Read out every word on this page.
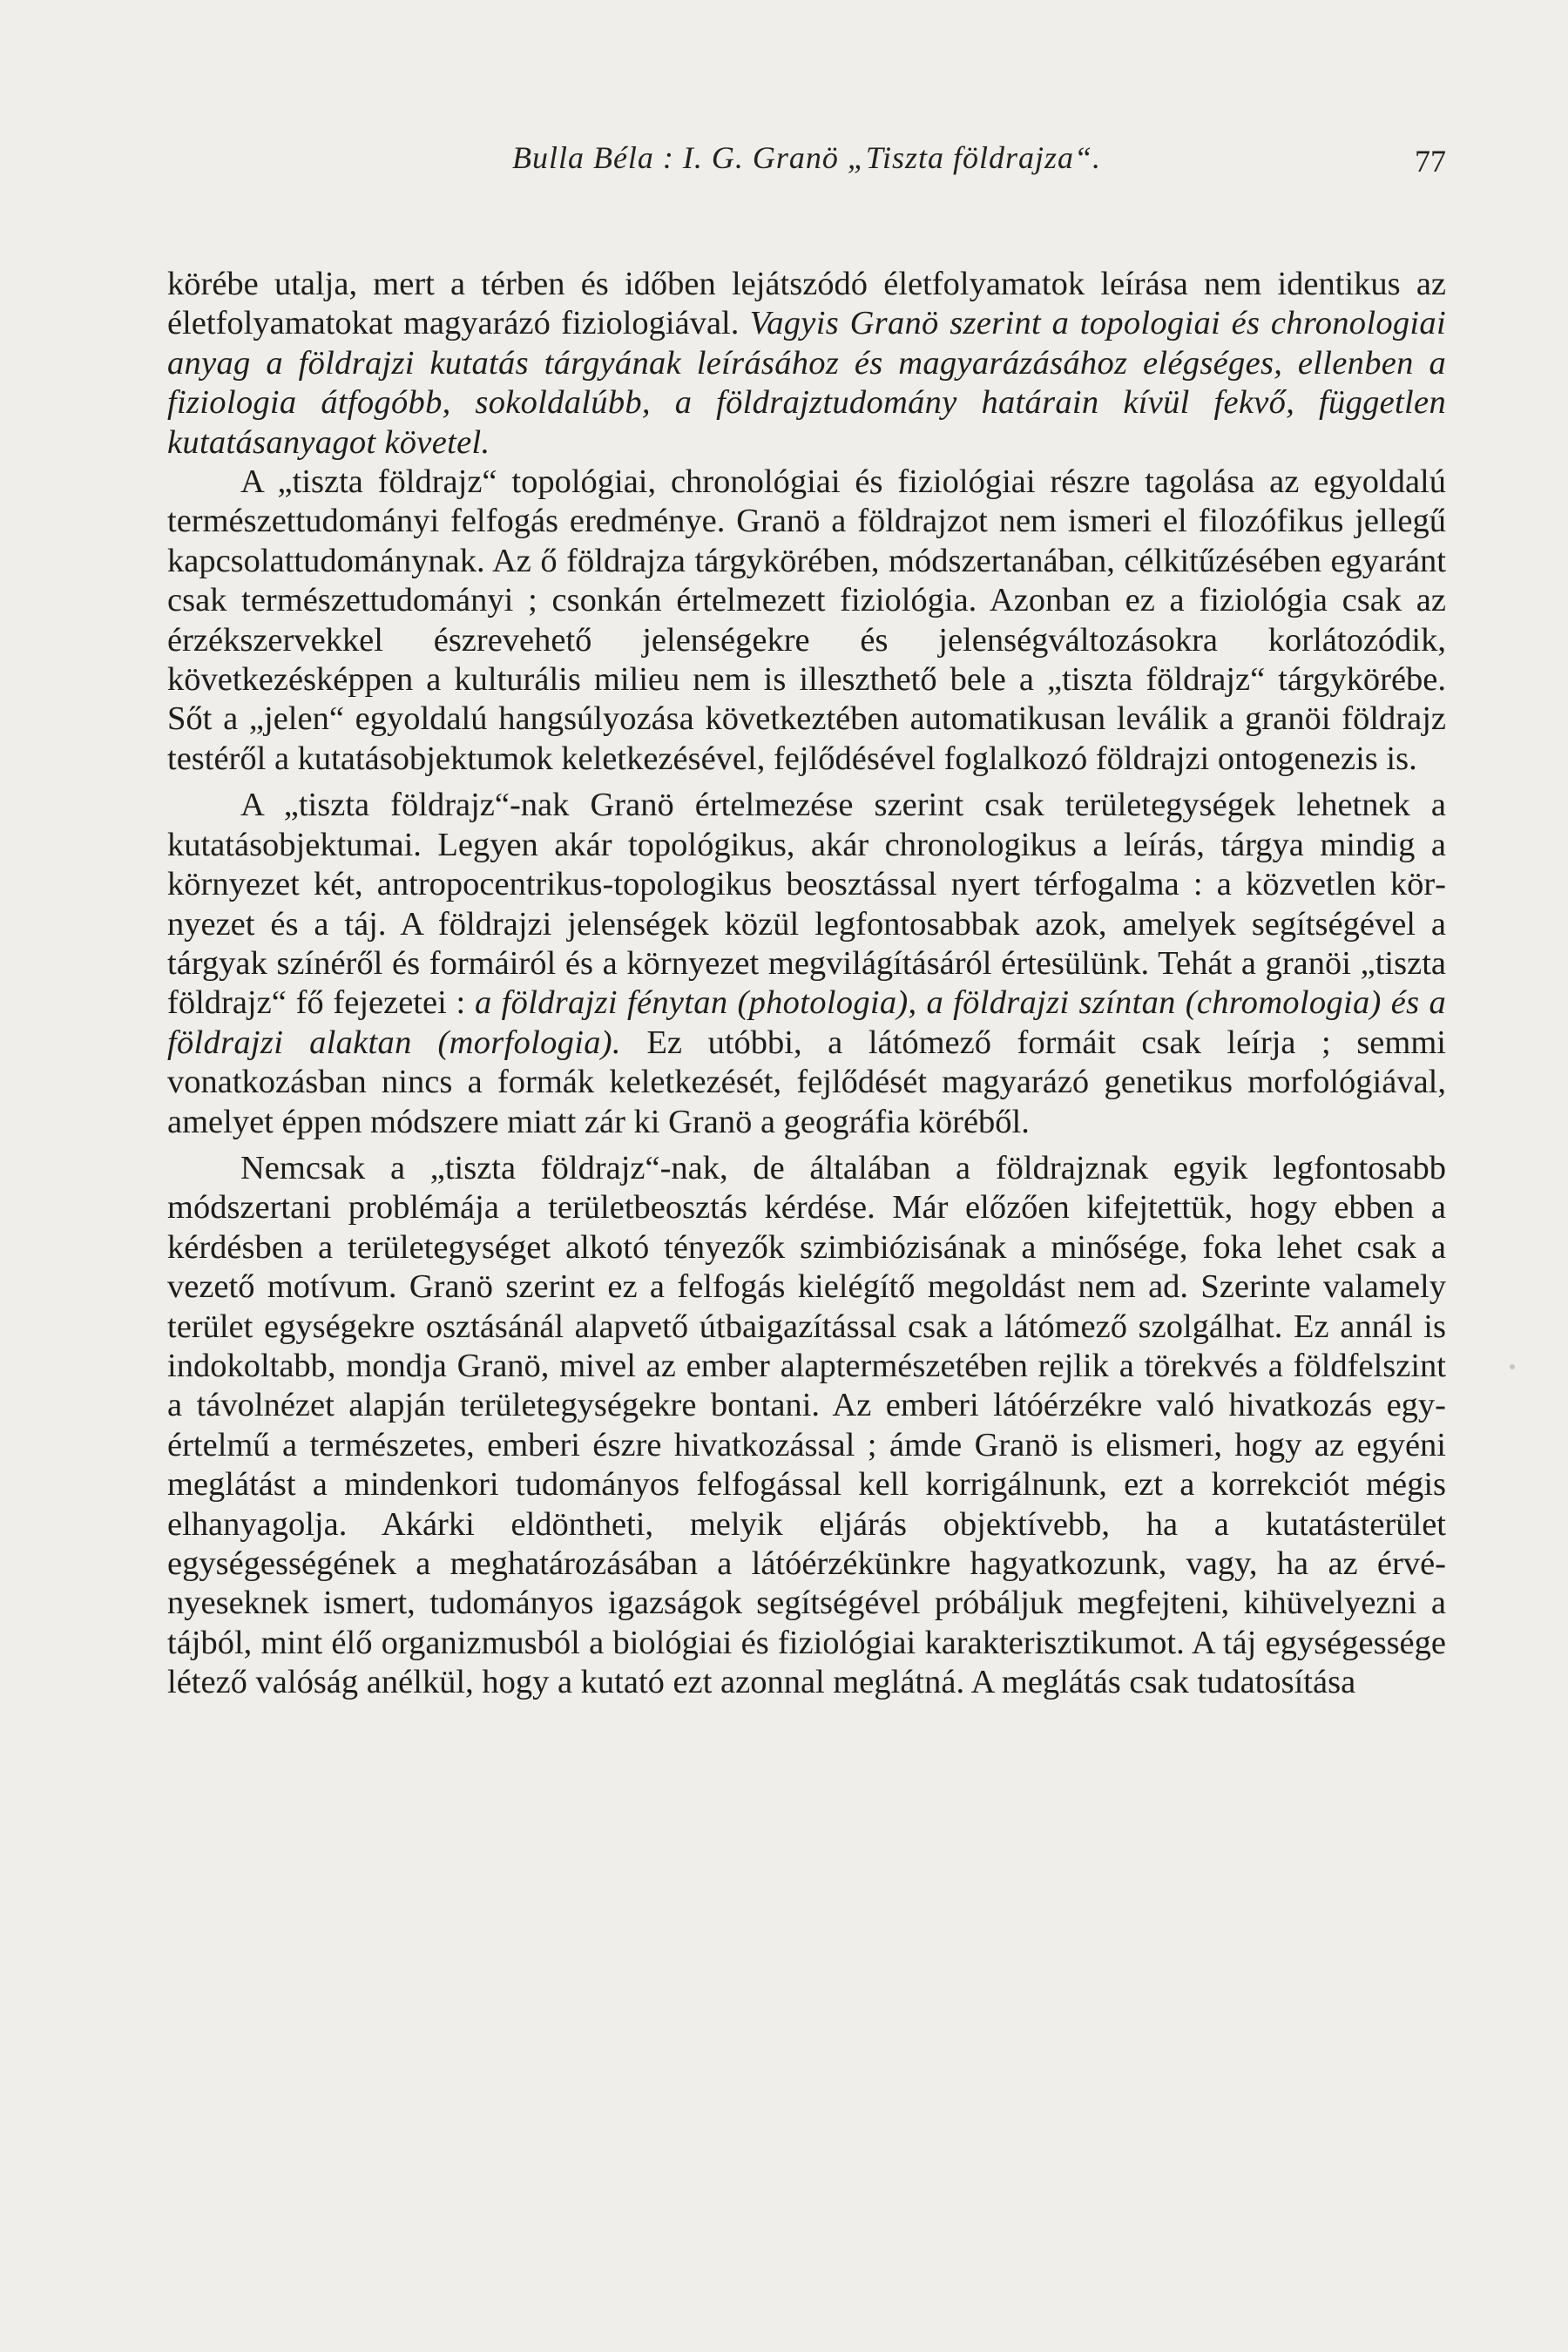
Bulla Béla : I. G. Granö „Tiszta földrajza“.	77

körébe utalja, mert a térben és időben lejátszódó életfolyamatok leírása nem identikus az életfolyamatokat magyarázó fiziologiával. Vagyis Granö szerint a topologiai és chronologiai anyag a földrajzi kutatás tárgyának leírásához és magyarázásához elégséges, ellenben a fiziologia átfogóbb, sokoldalúbb, a földrajztudomány határain kívül fekvő, független kutatásanyagot követel.

A „tiszta földrajz“ topológiai, chronológiai és fiziológiai részre tagolása az egyoldalú természettudományi felfogás eredménye. Granö a földrajzot nem ismeri el filozófikus jellegű kapcsolattudománynak. Az ő földrajza tárgykörében, módszertanában, célkitűzésében egyaránt csak természettudományi ; csonkán értelmezett fiziológia. Azonban ez a fiziológia csak az érzékszervekkel észrevehető jelenségekre és jelenségváltozásokra korlátozódik, következésképpen a kulturális milieu nem is illeszthető bele a „tiszta földrajz“ tárgykörébe. Sőt a „jelen“ egyoldalú hangsúlyozása következtében automatikusan leválik a granöi földrajz testéről a kutatásobjektumok keletkezésével, fejlődésével foglalkozó földrajzi ontogenezis is.

A „tiszta földrajz“-nak Granö értelmezése szerint csak területegységek lehetnek a kutatásobjektumai. Legyen akár topológikus, akár chronologikus a leírás, tárgya mindig a környezet két, antropocentrikus-topologikus beosztással nyert térfogalma : a közvetlen környezet és a táj. A földrajzi jelenségek közül legfontosabbak azok, amelyek segítségével a tárgyak színéről és formáiról és a környezet megvilágításáról értesülünk. Tehát a granöi „tiszta földrajz“ fő fejezetei : a földrajzi fénytan (photologia), a földrajzi színtan (chromologia) és a földrajzi alaktan (morfologia). Ez utóbbi, a látómező formáit csak leírja ; semmi vonatkozásban nincs a formák keletkezését, fejlődését magyarázó genetikus morfológiával, amelyet éppen módszere miatt zár ki Granö a geográfia köréből.

Nemcsak a „tiszta földrajz“-nak, de általában a földrajznak egyik legfontosabb módszertani problémája a területbeosztás kérdése. Már előzően kifejtettük, hogy ebben a kérdésben a területegységet alkotó tényezők szimbiózisának a minősége, foka lehet csak a vezető motívum. Granö szerint ez a felfogás kielégítő megoldást nem ad. Szerinte valamely terület egységekre osztásánál alapvető útbaigazítással csak a látómező szolgálhat. Ez annál is indokoltabb, mondja Granö, mivel az ember alaptermészetében rejlik a törekvés a földfelszint a távolnézet alapján területegységekre bontani. Az emberi látóérzékre való hivatkozás egyértelmű a természetes, emberi észre hivatkozással ; ámde Granö is elismeri, hogy az egyéni meglátást a mindenkori tudományos felfogással kell korrigálnunk, ezt a korrekciót mégis elhanyagolja. Akárki eldöntheti, melyik eljárás objektívebb, ha a kutatásterület egységességének a meghatározásában a látóérzékünkre hagyatkozunk, vagy, ha az érvényeseknek ismert, tudományos igazságok segítségével próbáljuk megfejteni, kihüvelyezni a tájból, mint élő organizmusból a biológiai és fiziológiai karakterisztikumot. A táj egységessége létező valóság anélkül, hogy a kutató ezt azonnal meglátná. A meglátás csak tudatosítása
